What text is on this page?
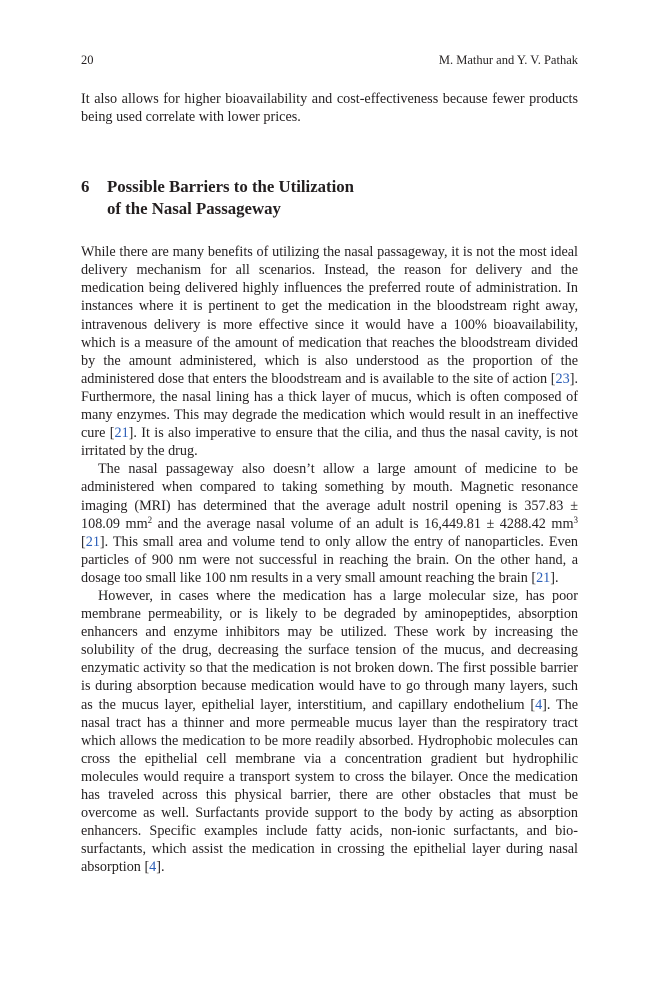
20	M. Mathur and Y. V. Pathak

It also allows for higher bioavailability and cost-effectiveness because fewer products being used correlate with lower prices.

6	Possible Barriers to the Utilization
of the Nasal Passageway

While there are many benefits of utilizing the nasal passageway, it is not the most ideal delivery mechanism for all scenarios. Instead, the reason for delivery and the medication being delivered highly influences the preferred route of administration. In instances where it is pertinent to get the medication in the bloodstream right away, intravenous delivery is more effective since it would have a 100% bioavailability, which is a measure of the amount of medication that reaches the bloodstream divided by the amount administered, which is also understood as the proportion of the administered dose that enters the bloodstream and is available to the site of action [23]. Furthermore, the nasal lining has a thick layer of mucus, which is often composed of many enzymes. This may degrade the medication which would result in an ineffective cure [21]. It is also imperative to ensure that the cilia, and thus the nasal cavity, is not irritated by the drug.

The nasal passageway also doesn’t allow a large amount of medicine to be administered when compared to taking something by mouth. Magnetic resonance imaging (MRI) has determined that the average adult nostril opening is 357.83 ± 108.09 $mm^2$ and the average nasal volume of an adult is 16,449.81 ± 4288.42 $mm^3$ [21]. This small area and volume tend to only allow the entry of nanoparticles. Even particles of 900 nm were not successful in reaching the brain. On the other hand, a dosage too small like 100 nm results in a very small amount reaching the brain [21].

However, in cases where the medication has a large molecular size, has poor membrane permeability, or is likely to be degraded by aminopeptides, absorption enhancers and enzyme inhibitors may be utilized. These work by increasing the solubility of the drug, decreasing the surface tension of the mucus, and decreasing enzymatic activity so that the medication is not broken down. The first possible barrier is during absorption because medication would have to go through many layers, such as the mucus layer, epithelial layer, interstitium, and capillary endothelium [4]. The nasal tract has a thinner and more permeable mucus layer than the respiratory tract which allows the medication to be more readily absorbed. Hydrophobic molecules can cross the epithelial cell membrane via a concentration gradient but hydrophilic molecules would require a transport system to cross the bilayer. Once the medication has traveled across this physical barrier, there are other obstacles that must be overcome as well. Surfactants provide support to the body by acting as absorption enhancers. Specific examples include fatty acids, non-ionic surfactants, and bio-surfactants, which assist the medication in crossing the epithelial layer during nasal absorption [4].
